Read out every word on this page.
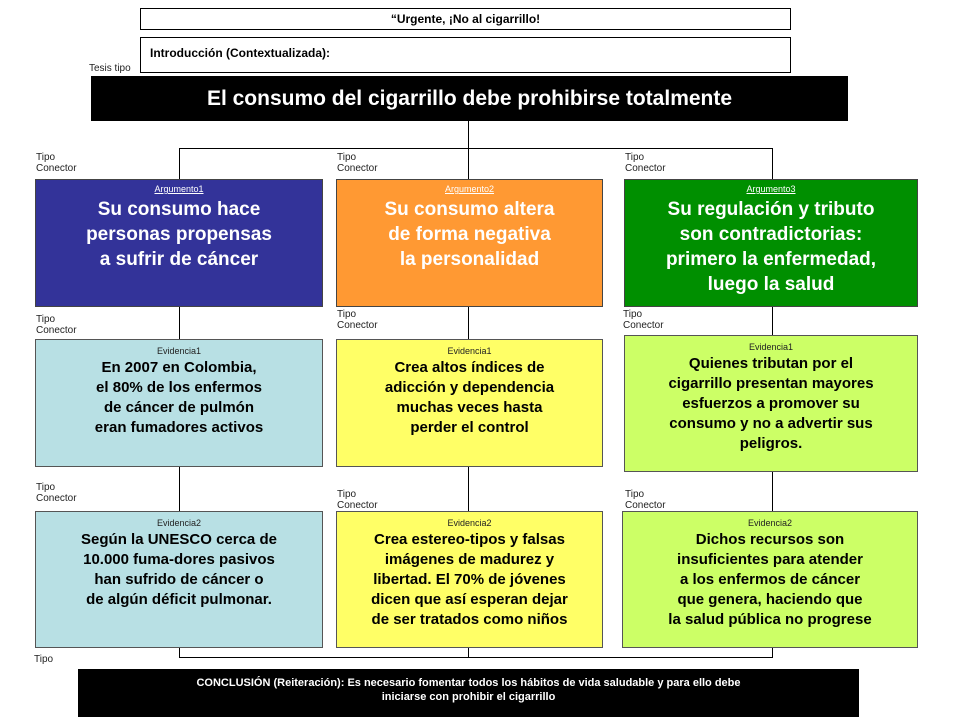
“Urgente, ¡No al cigarrillo!
Introducción (Contextualizada):
Tesis tipo
El consumo del cigarrillo debe prohibirse totalmente
Tipo
Conector
Tipo
Conector
Tipo
Conector
Argumento1
Su consumo hace
personas propensas
a sufrir de cáncer
Argumento2
Su consumo altera
de forma negativa
la personalidad
Argumento3
Su regulación y tributo
son contradictorias:
primero la enfermedad,
luego la salud
Tipo
Conector
Tipo
Conector
Tipo
Conector
Evidencia1
En 2007 en Colombia,
el 80% de los enfermos
de cáncer de pulmón
eran fumadores activos
Evidencia1
Crea altos índices de
adicción y dependencia
muchas veces hasta
perder el control
Evidencia1
Quienes tributan por el
cigarrillo presentan mayores
esfuerzos a promover su
consumo y no a advertir sus
peligros.
Tipo
Conector	Tipo
Conector
Tipo
Conector
Evidencia2
Según la UNESCO cerca de
10.000 fuma-dores pasivos
han sufrido de cáncer o
de algún déficit pulmonar.
Evidencia2
Crea estereo-tipos y falsas
imágenes de madurez y
libertad. El 70% de jóvenes
dicen que así esperan dejar
de ser tratados como niños
Evidencia2
Dichos recursos son
insuficientes para atender
a los enfermos de cáncer
que genera, haciendo que
la salud pública no progrese
Tipo
CONCLUSIÓN (Reiteración): Es necesario fomentar todos los hábitos de vida saludable y para ello debe
iniciarse con prohibir el cigarrillo
